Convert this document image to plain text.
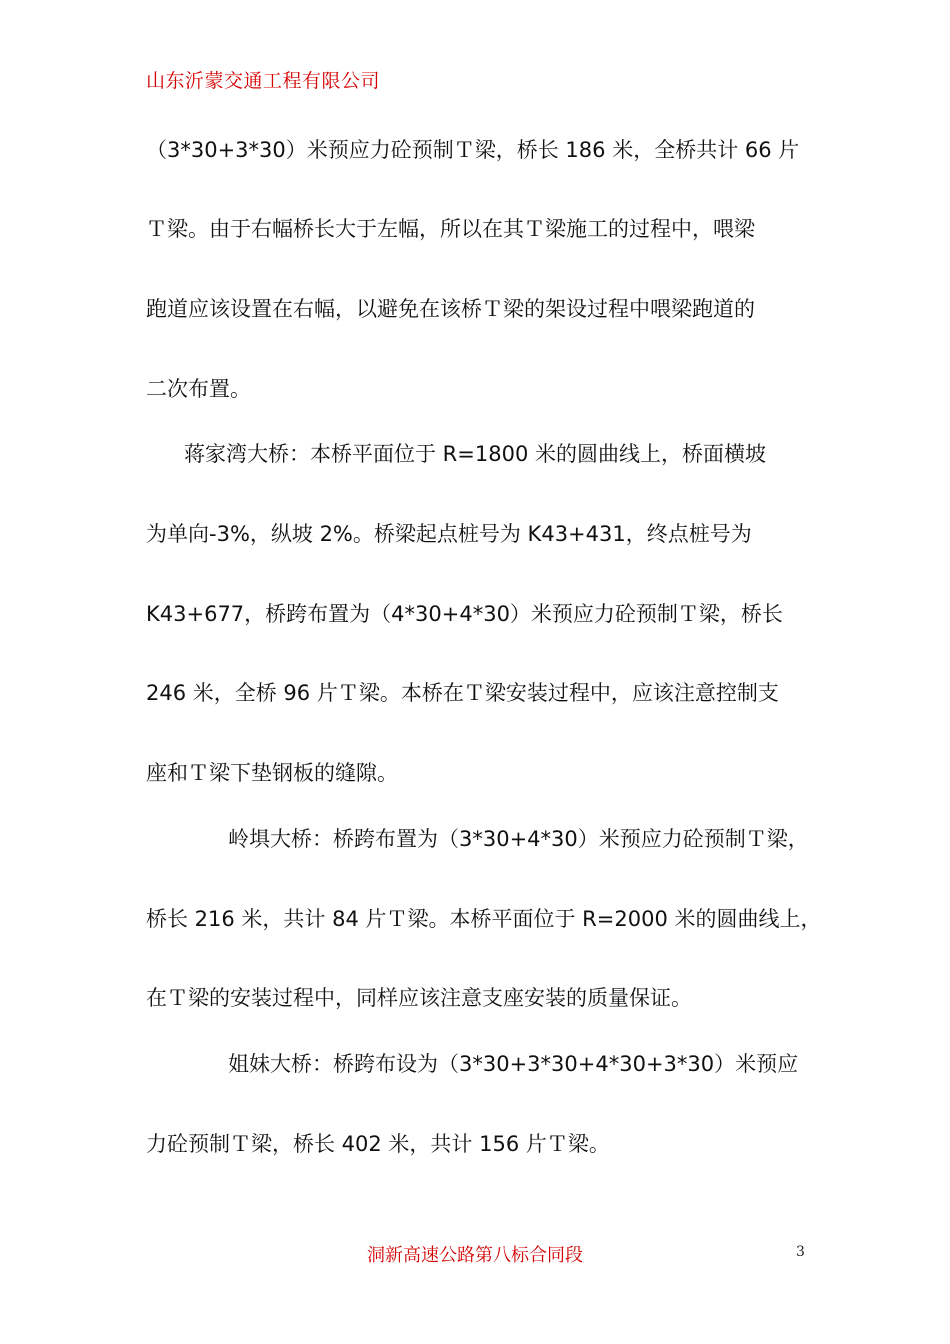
山东沂蒙交通工程有限公司
（3*30+3*30）米预应力砼预制Ｔ梁，桥长 186 米，全桥共计 66 片
Ｔ梁。由于右幅桥长大于左幅，所以在其Ｔ梁施工的过程中，喂梁
跑道应该设置在右幅，以避免在该桥Ｔ梁的架设过程中喂梁跑道的
二次布置。
蒋家湾大桥：本桥平面位于 R=1800 米的圆曲线上，桥面横坡
为单向-3%，纵坡 2%。桥梁起点桩号为 K43+431，终点桩号为
K43+677，桥跨布置为（4*30+4*30）米预应力砼预制Ｔ梁，桥长
246 米，全桥 96 片Ｔ梁。本桥在Ｔ梁安装过程中，应该注意控制支
座和Ｔ梁下垫钢板的缝隙。
岭埧大桥：桥跨布置为（3*30+4*30）米预应力砼预制Ｔ梁，
桥长 216 米，共计 84 片Ｔ梁。本桥平面位于 R=2000 米的圆曲线上，
在Ｔ梁的安装过程中，同样应该注意支座安装的质量保证。
姐妹大桥：桥跨布设为（3*30+3*30+4*30+3*30）米预应
力砼预制Ｔ梁，桥长 402 米，共计 156 片Ｔ梁。
洞新高速公路第八标合同段	3
